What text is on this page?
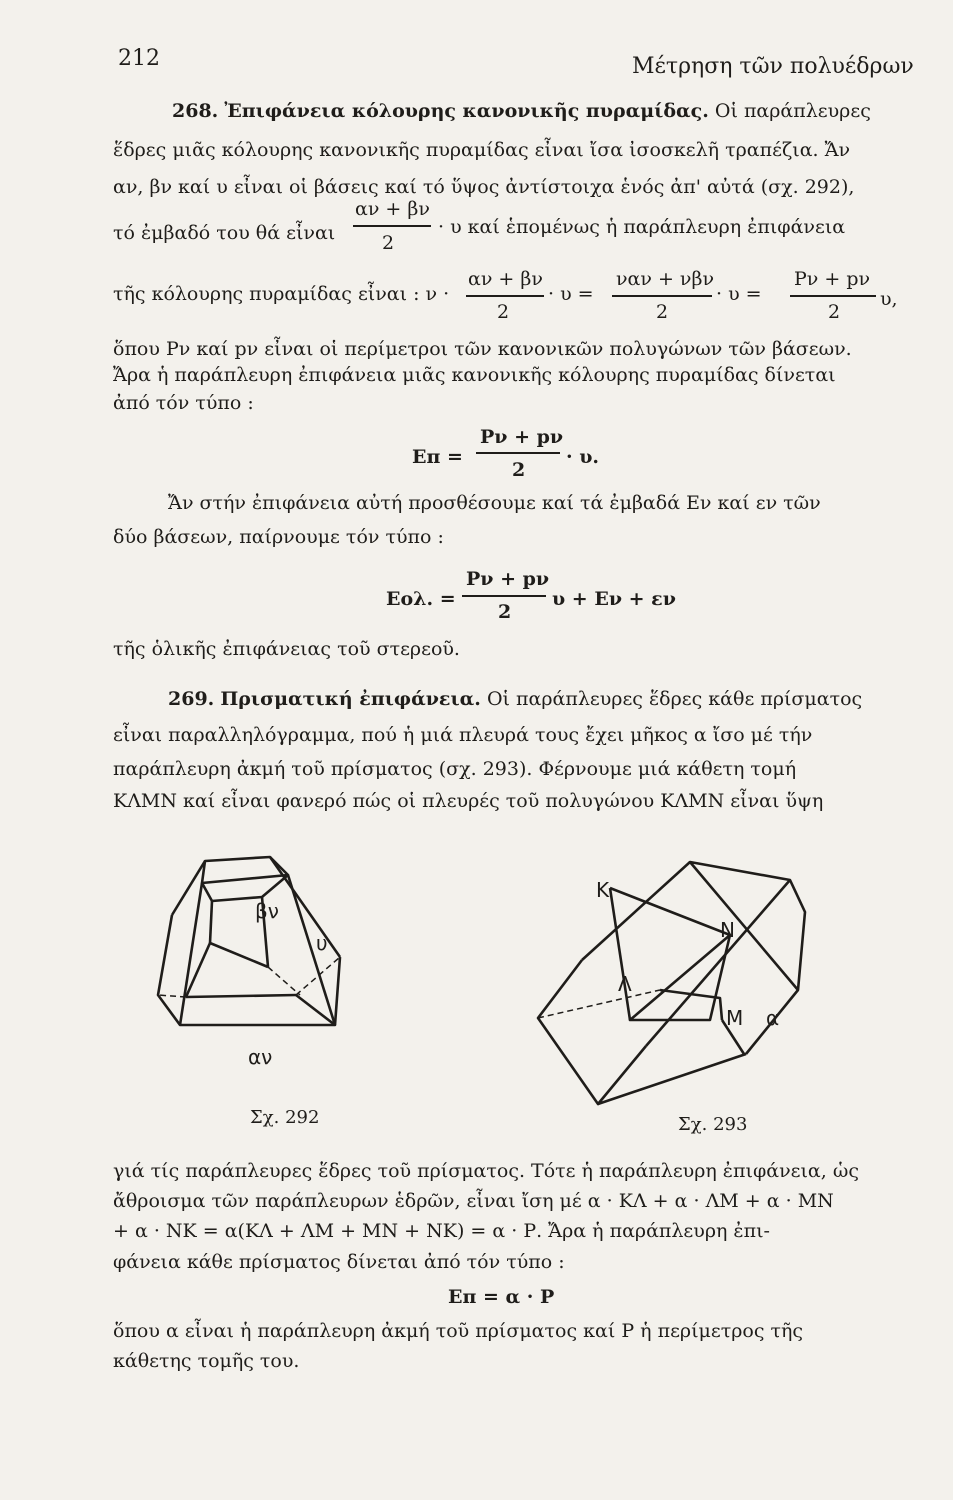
212	Μέτρηση τῶν πολυέδρων
268. Ἐπιφάνεια κόλουρης κανονικῆς πυραμίδας. Οἱ παράπλευρες
ἕδρες μιᾶς κόλουρης κανονικῆς πυραμίδας εἶναι ἴσα ἰσοσκελῆ τραπέζια. Ἄν
αν, βν καί υ εἶναι οἱ βάσεις καί τό ὕψος ἀντίστοιχα ἑνός ἀπ' αὐτά (σχ. 292),
τό ἐμβαδό του θά εἶναι
αν + βν
2
· υ καί ἑπομένως ἡ παράπλευρη ἐπιφάνεια
τῆς κόλουρης πυραμίδας εἶναι : ν ·
αν + βν
2
· υ =
ναν + νβν
2
· υ =
Pν + pν
2
υ,
ὅπου Pν καί pν εἶναι οἱ περίμετροι τῶν κανονικῶν πολυγώνων τῶν βάσεων.
Ἄρα ἡ παράπλευρη ἐπιφάνεια μιᾶς κανονικῆς κόλουρης πυραμίδας δίνεται
ἀπό τόν τύπο :
Eπ =
Pν + pν
2
· υ.
Ἄν στήν ἐπιφάνεια αὐτή προσθέσουμε καί τά ἐμβαδά Eν καί εν τῶν
δύο βάσεων, παίρνουμε τόν τύπο :
Eολ. =
Pν + pν
2
υ + Eν + εν
τῆς ὁλικῆς ἐπιφάνειας τοῦ στερεοῦ.
269. Πρισματική ἐπιφάνεια. Οἱ παράπλευρες ἕδρες κάθε πρίσματος
εἶναι παραλληλόγραμμα, πού ἡ μιά πλευρά τους ἔχει μῆκος α ἴσο μέ τήν
παράπλευρη ἀκμή τοῦ πρίσματος (σχ. 293). Φέρνουμε μιά κάθετη τομή
ΚΛΜΝ καί εἶναι φανερό πώς οἱ πλευρές τοῦ πολυγώνου ΚΛΜΝ εἶναι ὕψη
βν
υ
αν
Σχ. 292
Κ
Ν
Λ
Μ α
Σχ. 293
γιά τίς παράπλευρες ἕδρες τοῦ πρίσματος. Τότε ἡ παράπλευρη ἐπιφάνεια, ὡς
ἄθροισμα τῶν παράπλευρων ἑδρῶν, εἶναι ἴση μέ α · ΚΛ + α · ΛΜ + α · ΜΝ
+ α · ΝΚ = α(ΚΛ + ΛΜ + ΜΝ + ΝΚ) = α · Ρ. Ἄρα ἡ παράπλευρη ἐπι-
φάνεια κάθε πρίσματος δίνεται ἀπό τόν τύπο :
Eπ = α · P
ὅπου α εἶναι ἡ παράπλευρη ἀκμή τοῦ πρίσματος καί P ἡ περίμετρος τῆς
κάθετης τομῆς του.
